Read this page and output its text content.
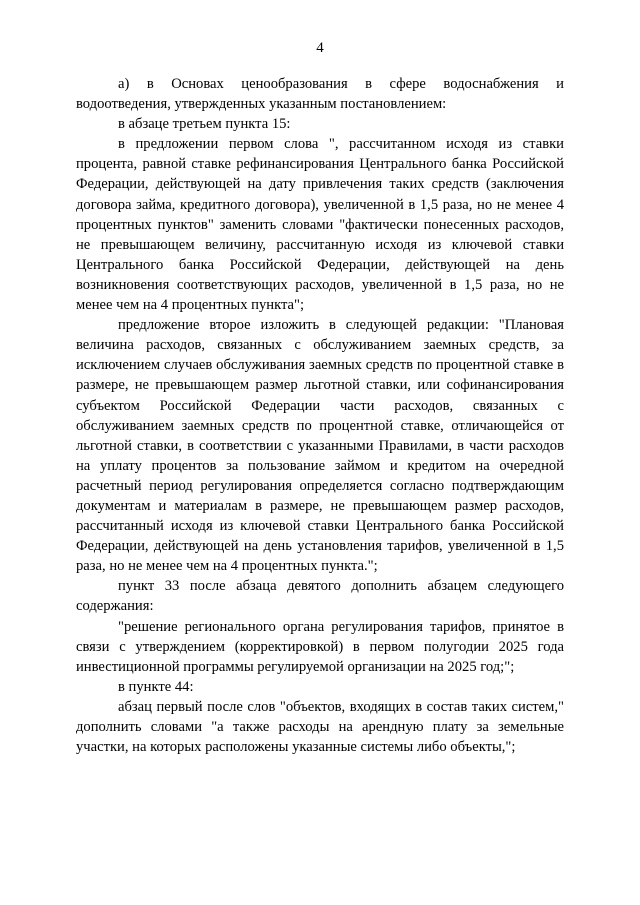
4

а) в Основах ценообразования в сфере водоснабжения и водоотведения, утвержденных указанным постановлением:

в абзаце третьем пункта 15:

в предложении первом слова ", рассчитанном исходя из ставки процента, равной ставке рефинансирования Центрального банка Российской Федерации, действующей на дату привлечения таких средств (заключения договора займа, кредитного договора), увеличенной в 1,5 раза, но не менее 4 процентных пунктов" заменить словами "фактически понесенных расходов, не превышающем величину, рассчитанную исходя из ключевой ставки Центрального банка Российской Федерации, действующей на день возникновения соответствующих расходов, увеличенной в 1,5 раза, но не менее чем на 4 процентных пункта";

предложение второе изложить в следующей редакции: "Плановая величина расходов, связанных с обслуживанием заемных средств, за исключением случаев обслуживания заемных средств по процентной ставке в размере, не превышающем размер льготной ставки, или софинансирования субъектом Российской Федерации части расходов, связанных с обслуживанием заемных средств по процентной ставке, отличающейся от льготной ставки, в соответствии с указанными Правилами, в части расходов на уплату процентов за пользование займом и кредитом на очередной расчетный период регулирования определяется согласно подтверждающим документам и материалам в размере, не превышающем размер расходов, рассчитанный исходя из ключевой ставки Центрального банка Российской Федерации, действующей на день установления тарифов, увеличенной в 1,5 раза, но не менее чем на 4 процентных пункта.";

пункт 33 после абзаца девятого дополнить абзацем следующего содержания:

"решение регионального органа регулирования тарифов, принятое в связи с утверждением (корректировкой) в первом полугодии 2025 года инвестиционной программы регулируемой организации на 2025 год;";

в пункте 44:

абзац первый после слов "объектов, входящих в состав таких систем," дополнить словами "а также расходы на арендную плату за земельные участки, на которых расположены указанные системы либо объекты,";
